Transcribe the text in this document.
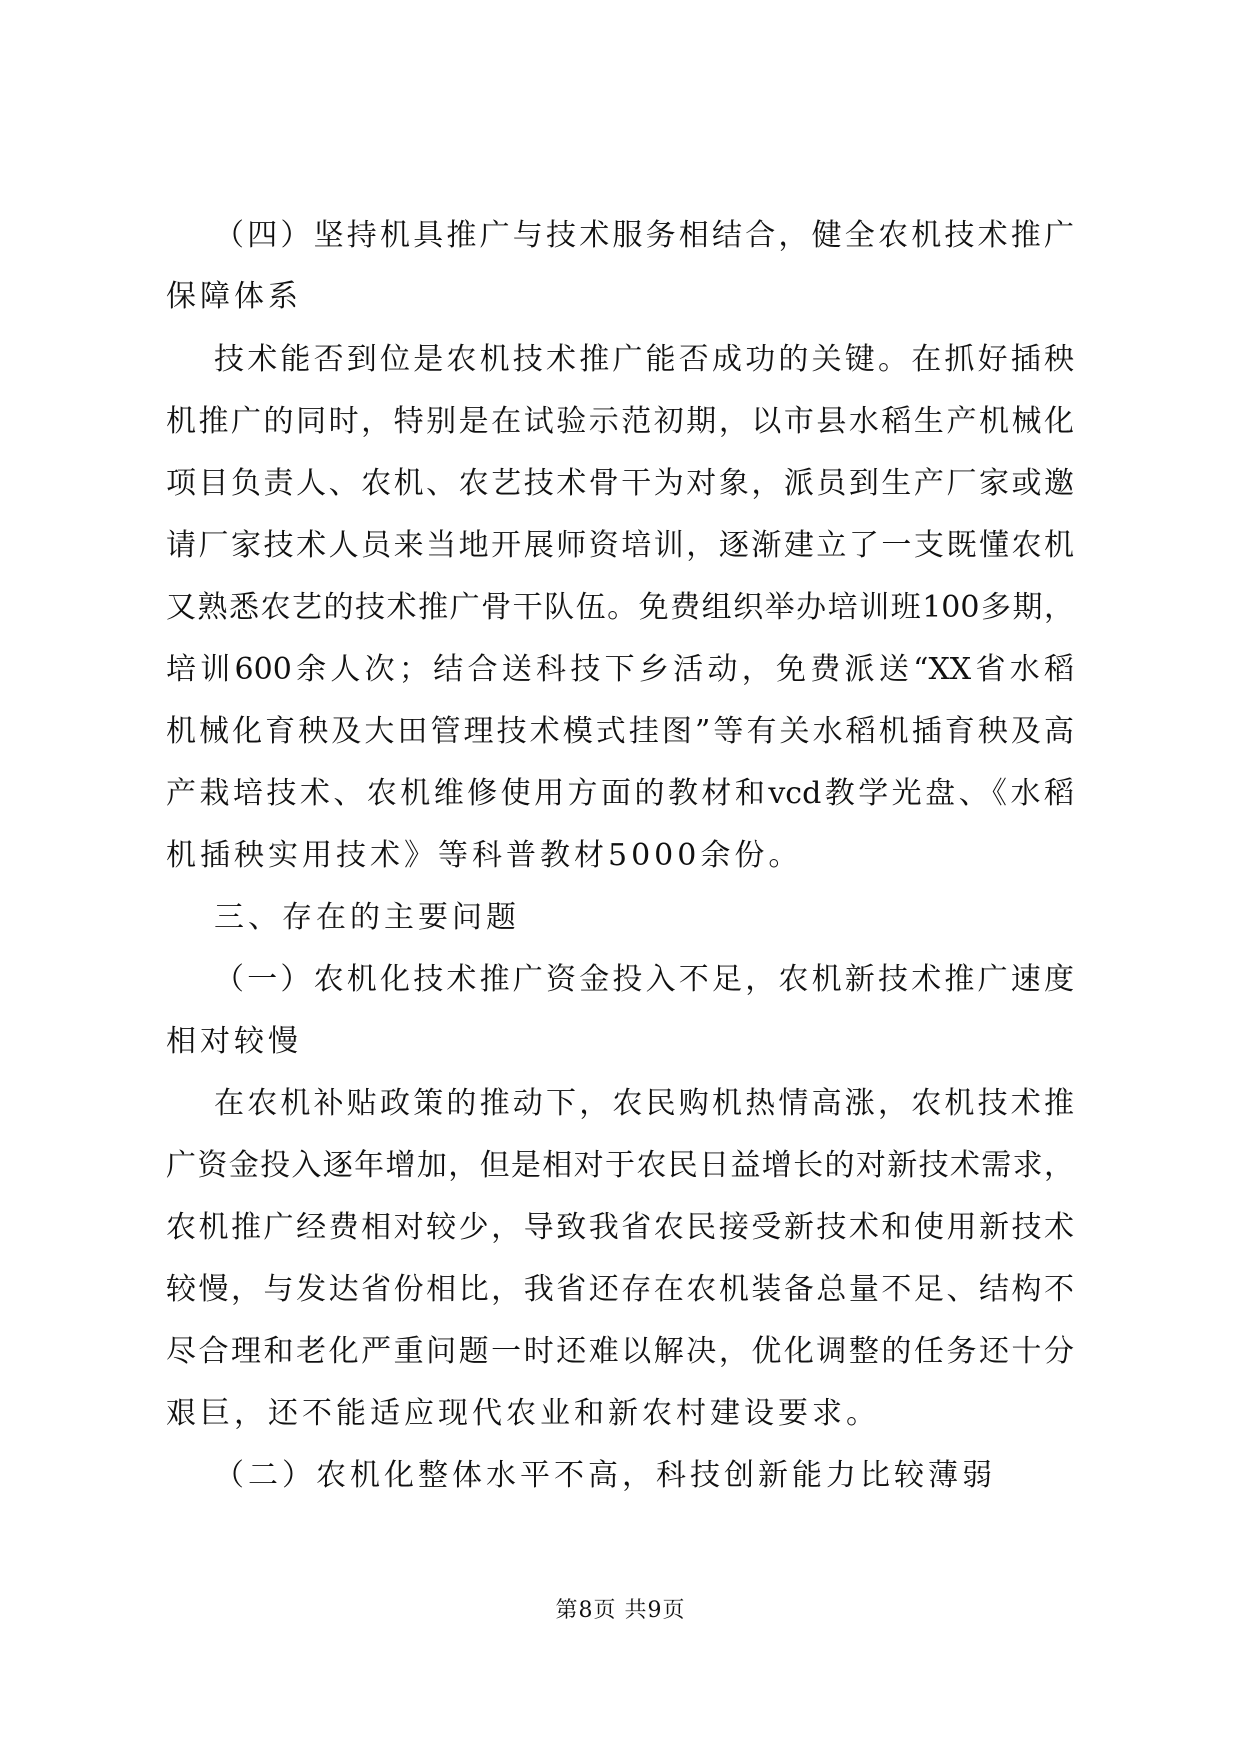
（四）坚持机具推广与技术服务相结合，健全农机技术推广
保障体系
技术能否到位是农机技术推广能否成功的关键。在抓好插秧
机推广的同时，特别是在试验示范初期，以市县水稻生产机械化
项目负责人、农机、农艺技术骨干为对象，派员到生产厂家或邀
请厂家技术人员来当地开展师资培训，逐渐建立了一支既懂农机
又熟悉农艺的技术推广骨干队伍。免费组织举办培训班100多期，
培训600余人次；结合送科技下乡活动，免费派送“XX省水稻
机械化育秧及大田管理技术模式挂图”等有关水稻机插育秧及高
产栽培技术、农机维修使用方面的教材和vcd教学光盘、《水稻
机插秧实用技术》等科普教材5000余份。
三、存在的主要问题
（一）农机化技术推广资金投入不足，农机新技术推广速度
相对较慢
在农机补贴政策的推动下，农民购机热情高涨，农机技术推
广资金投入逐年增加，但是相对于农民日益增长的对新技术需求，
农机推广经费相对较少，导致我省农民接受新技术和使用新技术
较慢，与发达省份相比，我省还存在农机装备总量不足、结构不
尽合理和老化严重问题一时还难以解决，优化调整的任务还十分
艰巨，还不能适应现代农业和新农村建设要求。
（二）农机化整体水平不高，科技创新能力比较薄弱
第8页 共9页
